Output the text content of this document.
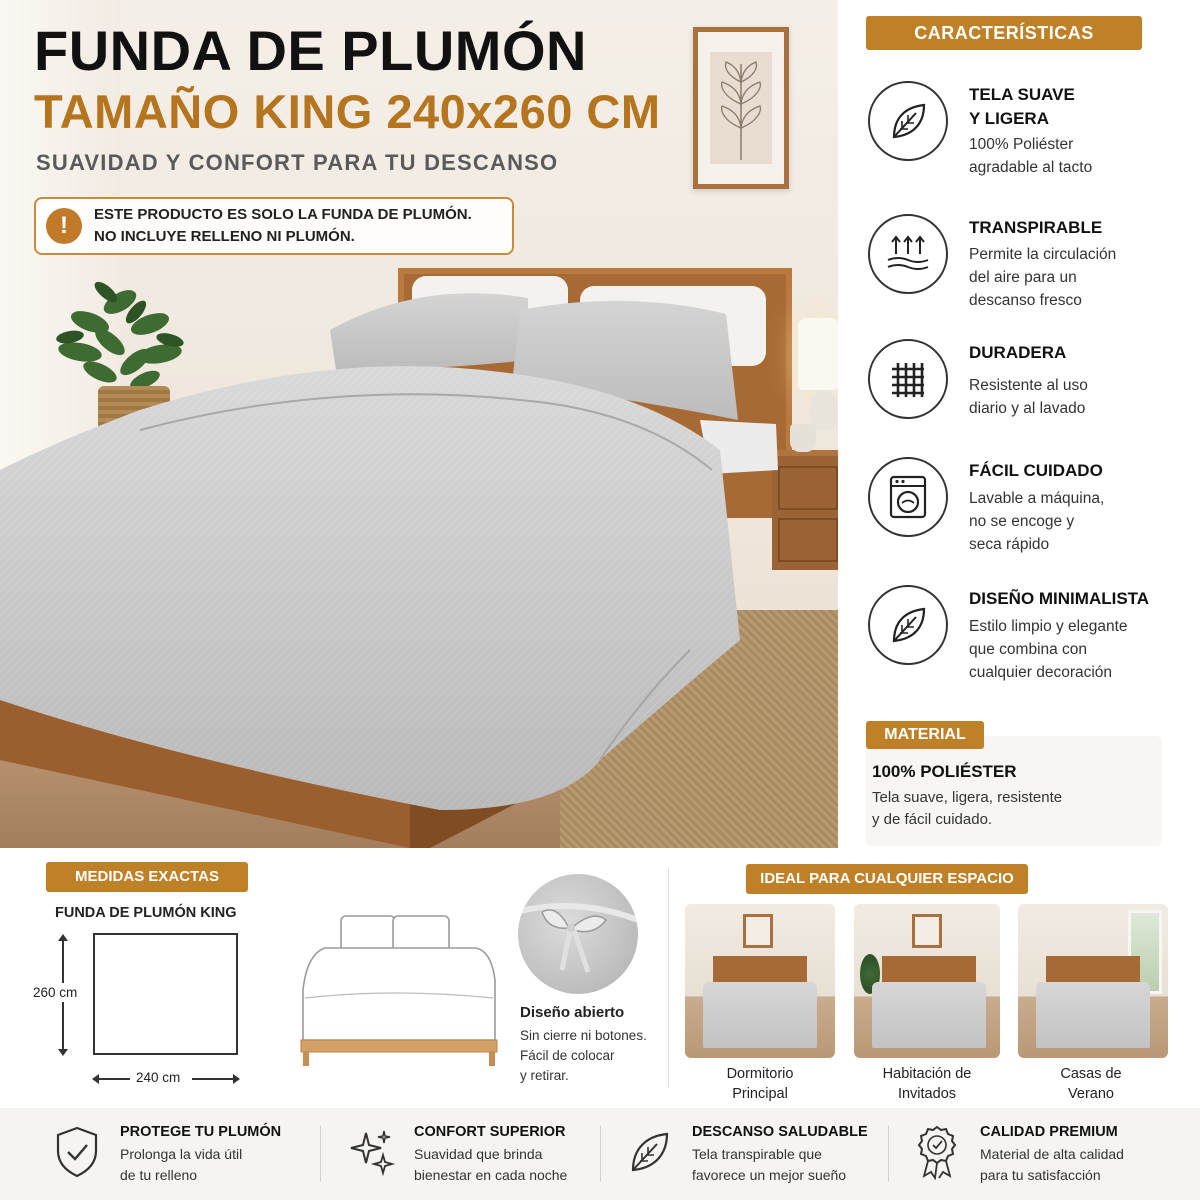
FUNDA DE PLUMÓN
TAMAÑO KING 240x260 CM
SUAVIDAD Y CONFORT PARA TU DESCANSO
!	ESTE PRODUCTO ES SOLO LA FUNDA DE PLUMÓN.
NO INCLUYE RELLENO NI PLUMÓN.
CARACTERÍSTICAS
TELA SUAVE
Y LIGERA
100% Poliéster
agradable al tacto
TRANSPIRABLE
Permite la circulación
del aire para un
descanso fresco
DURADERA
Resistente al uso
diario y al lavado
FÁCIL CUIDADO
Lavable a máquina,
no se encoge y
seca rápido
DISEÑO MINIMALISTA
Estilo limpio y elegante
que combina con
cualquier decoración
MATERIAL
100% POLIÉSTER
Tela suave, ligera, resistente
y de fácil cuidado.
MEDIDAS EXACTAS
FUNDA DE PLUMÓN KING
260 cm
240 cm
Diseño abierto
Sin cierre ni botones.
Fácil de colocar
y retirar.
IDEAL PARA CUALQUIER ESPACIO
Dormitorio
Principal
Habitación de
Invitados
Casas de
Verano
PROTEGE TU PLUMÓN
Prolonga la vida útil
de tu relleno
CONFORT SUPERIOR
Suavidad que brinda
bienestar en cada noche
DESCANSO SALUDABLE
Tela transpirable que
favorece un mejor sueño
CALIDAD PREMIUM
Material de alta calidad
para tu satisfacción
